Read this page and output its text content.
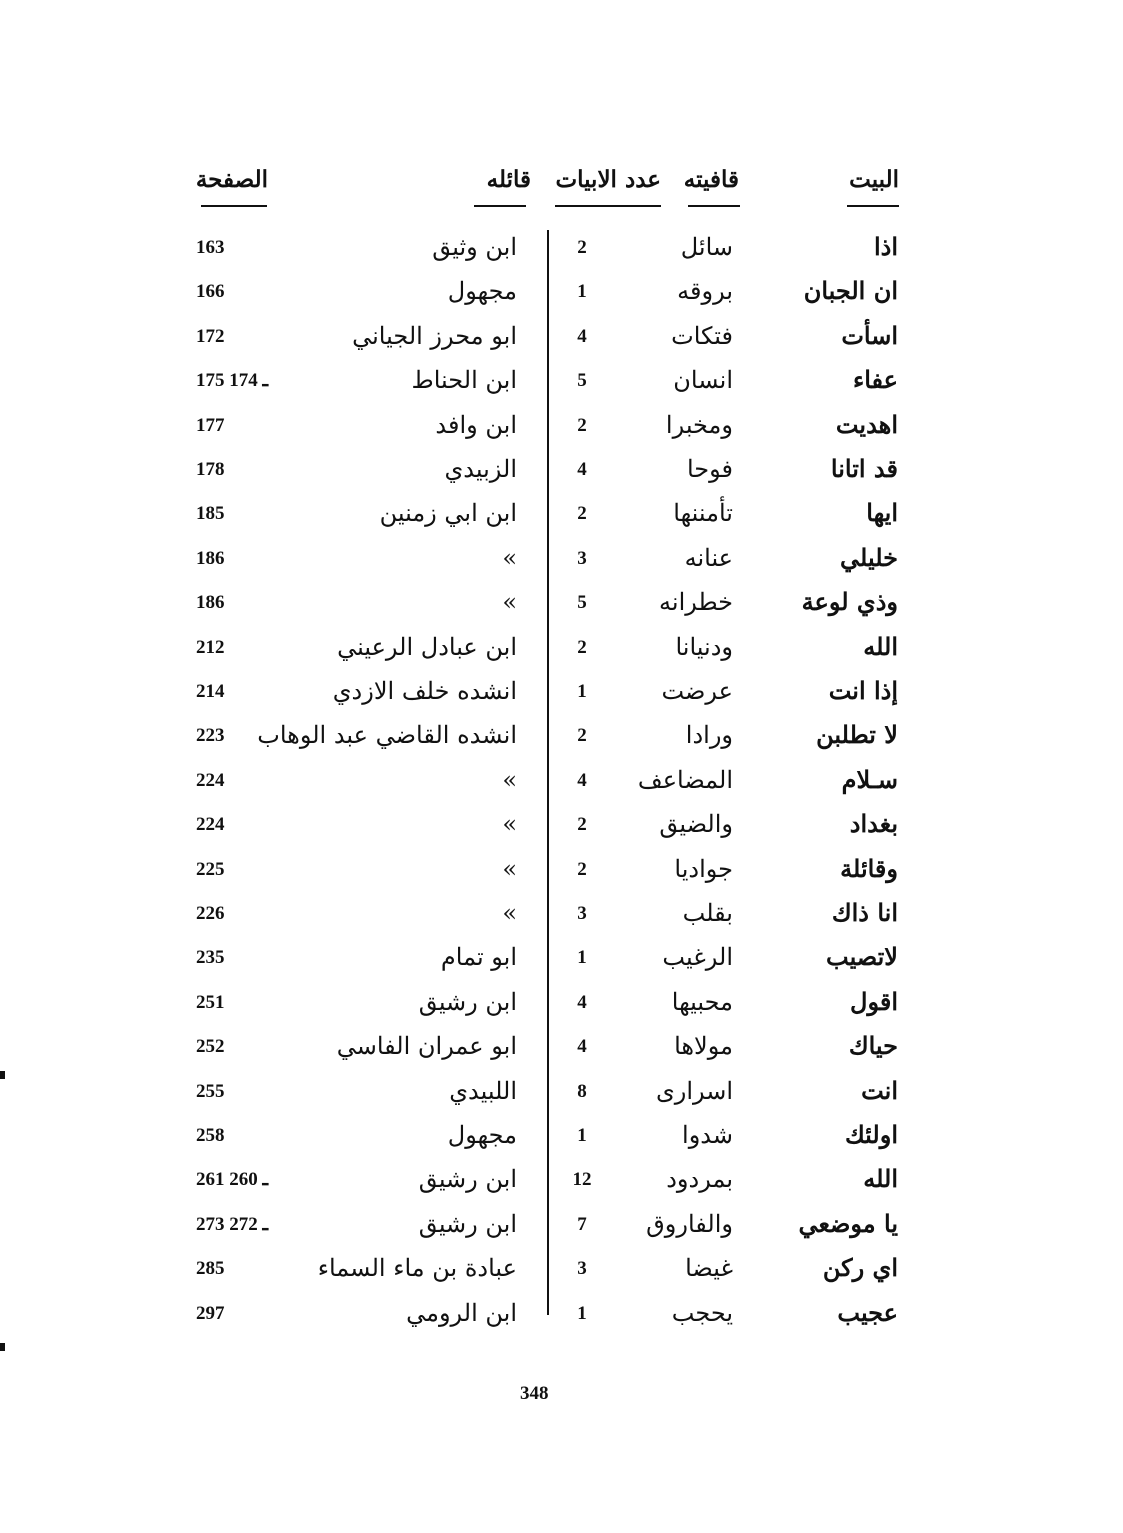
البيت
قافيته
عدد الابيات
قائله
الصفحة
اذا
سائل
2
ابن وثيق
163
ان الجبان
بروقه
1
مجهول
166
اسأت
فتكات
4
ابو محرز الجياني
172
عفاء
انسان
5
ابن الحناط
175 ـ 174
اهديت
ومخبرا
2
ابن وافد
177
قد اتانا
فوحا
4
الزبيدي
178
ايها
تأمننها
2
ابن ابي زمنين
185
خليلي
عنانه
3
»
186
وذي لوعة
خطرانه
5
»
186
الله
ودنيانا
2
ابن عبادل الرعيني
212
إذا انت
عرضت
1
انشده خلف الازدي
214
لا تطلبن
ورادا
2
انشده القاضي عبد الوهاب
223
سـلام
المضاعف
4
»
224
بغداد
والضيق
2
»
224
وقائلة
جواديا
2
»
225
انا ذاك
بقلب
3
»
226
لاتصيب
الرغيب
1
ابو تمام
235
اقول
محبيها
4
ابن رشيق
251
حياك
مولاها
4
ابو عمران الفاسي
252
انت
اسرارى
8
اللبيدي
255
اولئك
شدوا
1
مجهول
258
الله
بمردود
12
ابن رشيق
261 ـ 260
يا موضعي
والفاروق
7
ابن رشيق
273 ـ 272
اي ركن
غيضا
3
عبادة بن ماء السماء
285
عجيب
يحجب
1
ابن الرومي
297
348
